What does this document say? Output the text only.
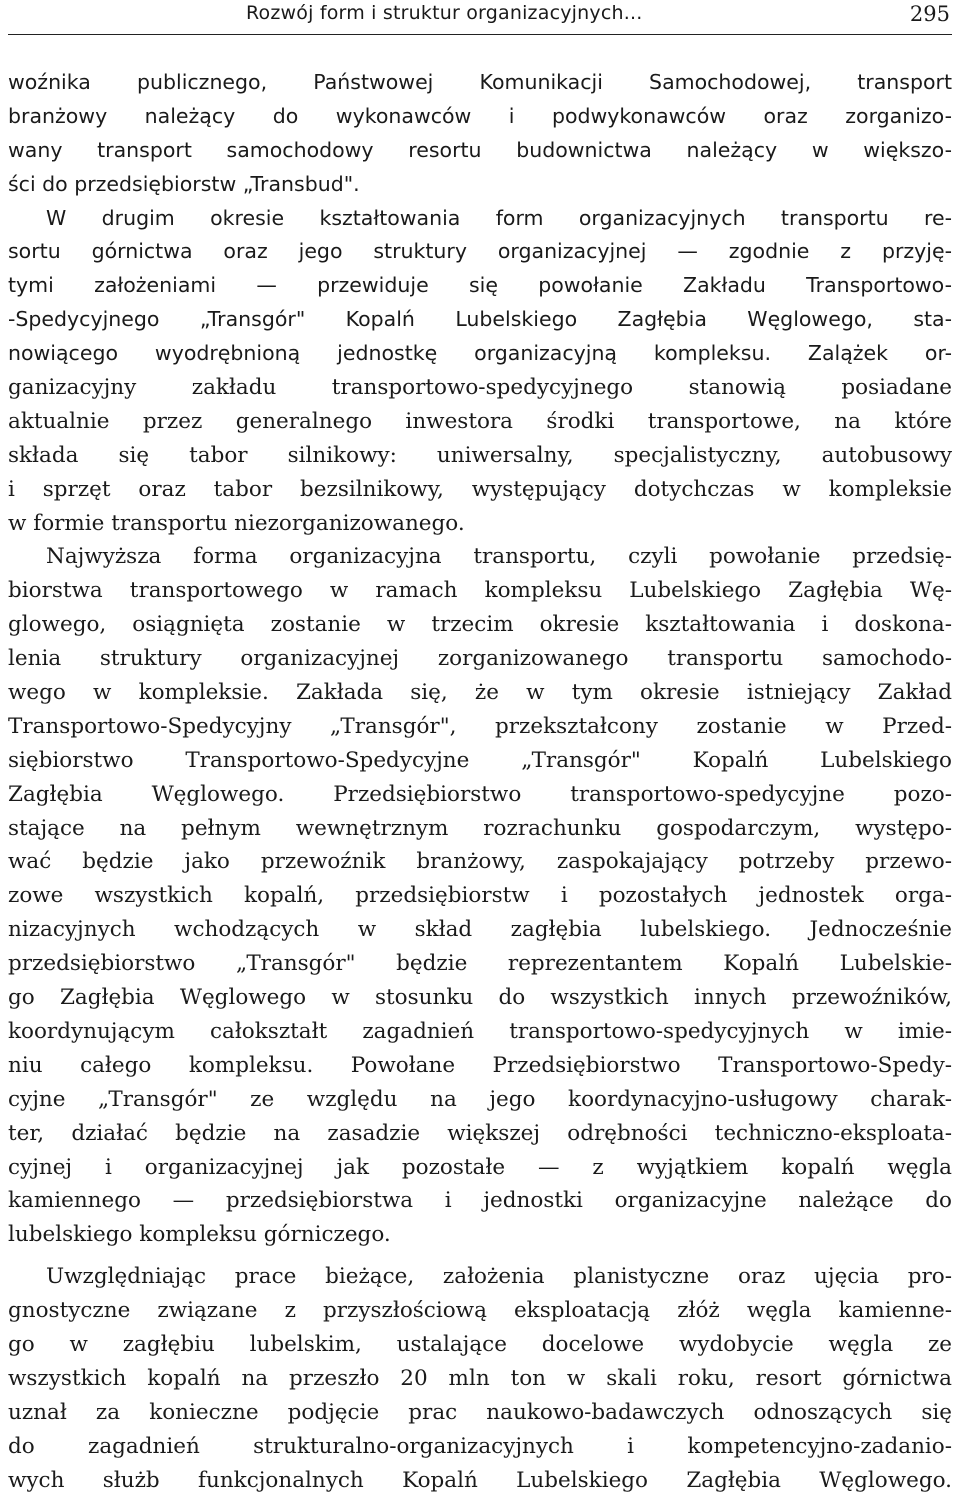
Rozwój form i struktur organizacyjnych...	295
woźnika publicznego, Państwowej Komunikacji Samochodowej, transport
branżowy należący do wykonawców i podwykonawców oraz zorganizo-
wany transport samochodowy resortu budownictwa należący w większo-
ści do przedsiębiorstw „Transbud".
W drugim okresie kształtowania form organizacyjnych transportu re-
sortu górnictwa oraz jego struktury organizacyjnej — zgodnie z przyję-
tymi założeniami — przewiduje się powołanie Zakładu Transportowo-
-Spedycyjnego „Transgór" Kopalń Lubelskiego Zagłębia Węglowego, sta-
nowiącego wyodrębnioną jednostkę organizacyjną kompleksu. Zalążek or-
ganizacyjny zakładu transportowo-spedycyjnego stanowią posiadane
aktualnie przez generalnego inwestora środki transportowe, na które
składa się tabor silnikowy: uniwersalny, specjalistyczny, autobusowy
i sprzęt oraz tabor bezsilnikowy, występujący dotychczas w kompleksie
w formie transportu niezorganizowanego.
Najwyższa forma organizacyjna transportu, czyli powołanie przedsię-
biorstwa transportowego w ramach kompleksu Lubelskiego Zagłębia Wę-
glowego, osiągnięta zostanie w trzecim okresie kształtowania i doskona-
lenia struktury organizacyjnej zorganizowanego transportu samochodo-
wego w kompleksie. Zakłada się, że w tym okresie istniejący Zakład
Transportowo-Spedycyjny „Transgór", przekształcony zostanie w Przed-
siębiorstwo Transportowo-Spedycyjne „Transgór" Kopalń Lubelskiego
Zagłębia Węglowego. Przedsiębiorstwo transportowo-spedycyjne pozo-
stające na pełnym wewnętrznym rozrachunku gospodarczym, występo-
wać będzie jako przewoźnik branżowy, zaspokajający potrzeby przewo-
zowe wszystkich kopalń, przedsiębiorstw i pozostałych jednostek orga-
nizacyjnych wchodzących w skład zagłębia lubelskiego. Jednocześnie
przedsiębiorstwo „Transgór" będzie reprezentantem Kopalń Lubelskie-
go Zagłębia Węglowego w stosunku do wszystkich innych przewoźników,
koordynującym całokształt zagadnień transportowo-spedycyjnych w imie-
niu całego kompleksu. Powołane Przedsiębiorstwo Transportowo-Spedy-
cyjne „Transgór" ze względu na jego koordynacyjno-usługowy charak-
ter, działać będzie na zasadzie większej odrębności techniczno-eksploata-
cyjnej i organizacyjnej jak pozostałe — z wyjątkiem kopalń węgla
kamiennego — przedsiębiorstwa i jednostki organizacyjne należące do
lubelskiego kompleksu górniczego.
Uwzględniając prace bieżące, założenia planistyczne oraz ujęcia pro-
gnostyczne związane z przyszłościową eksploatacją złóż węgla kamienne-
go w zagłębiu lubelskim, ustalające docelowe wydobycie węgla ze
wszystkich kopalń na przeszło 20 mln ton w skali roku, resort górnictwa
uznał za konieczne podjęcie prac naukowo-badawczych odnoszących się
do zagadnień strukturalno-organizacyjnych i kompetencyjno-zadanio-
wych służb funkcjonalnych Kopalń Lubelskiego Zagłębia Węglowego.
